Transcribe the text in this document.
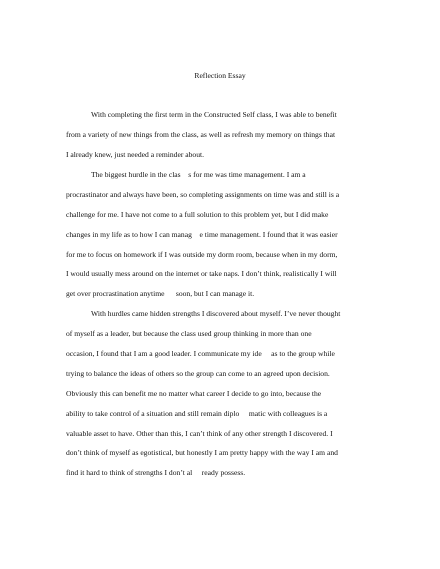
Reflection Essay
With completing the first term in the Constructed Self class, I was able to benefit
from a variety of new things from the class, as well as refresh my memory on things that
I already knew, just needed a reminder about.
The biggest hurdle in the clas    s for me was time management. I am a
procrastinator and always have been, so completing assignments on time was and still is a
challenge for me. I have not come to a full solution to this problem yet, but I did make
changes in my life as to how I can manag    e time management. I found that it was easier
for me to focus on homework if I was outside my dorm room, because when in my dorm,
I would usually mess around on the internet or take naps. I don’t think, realistically I will
get over procrastination anytime      soon, but I can manage it.
With hurdles came hidden strengths I discovered about myself. I’ve never thought
of myself as a leader, but because the class used group thinking in more than one
occasion, I found that I am a good leader. I communicate my ide     as to the group while
trying to balance the ideas of others so the group can come to an agreed upon decision.
Obviously this can benefit me no matter what career I decide to go into, because the
ability to take control of a situation and still remain diplo     matic with colleagues is a
valuable asset to have. Other than this, I can’t think of any other strength I discovered. I
don’t think of myself as egotistical, but honestly I am pretty happy with the way I am and
find it hard to think of strengths I don’t al     ready possess.
